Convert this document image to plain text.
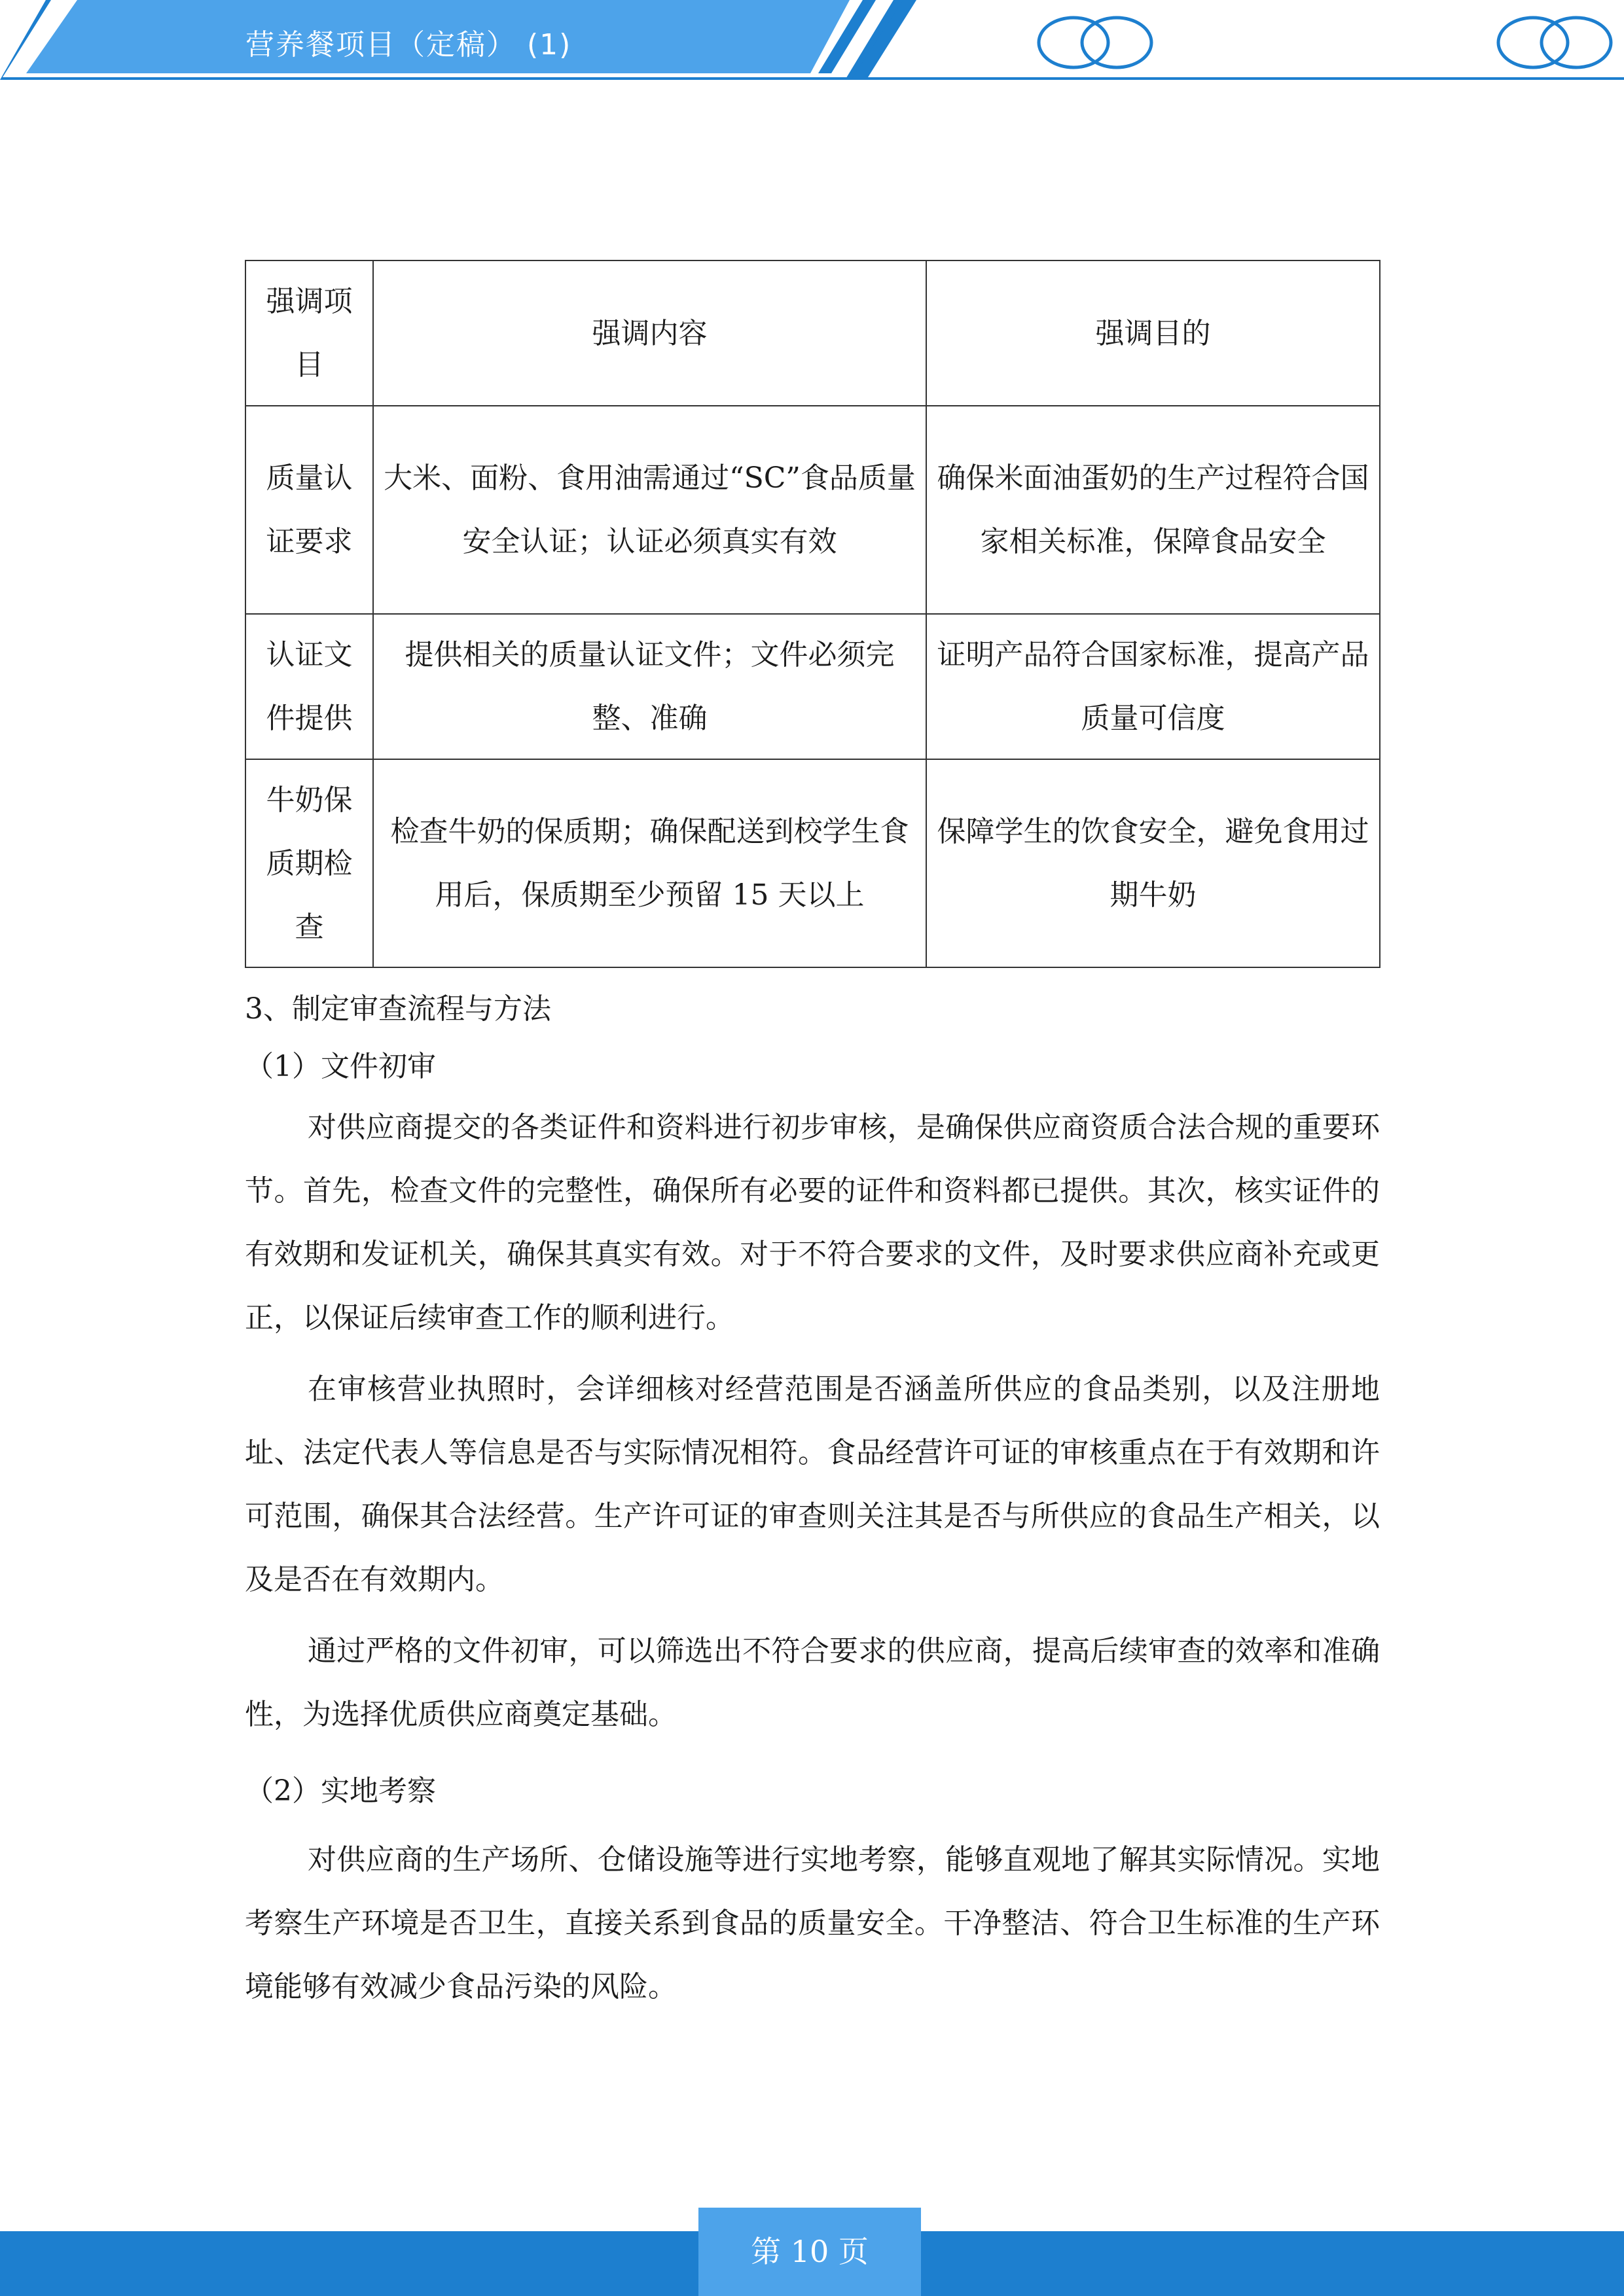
营养餐项目（定稿） (1)
强调项目	强调内容	强调目的
质量认证要求	大米、面粉、食用油需通过“SC”食品质量安全认证；认证必须真实有效	确保米面油蛋奶的生产过程符合国家相关标准，保障食品安全
认证文件提供	提供相关的质量认证文件；文件必须完整、准确	证明产品符合国家标准，提高产品质量可信度
牛奶保质期检查	检查牛奶的保质期；确保配送到校学生食用后，保质期至少预留 15 天以上	保障学生的饮食安全，避免食用过期牛奶

3、制定审查流程与方法

（1）文件初审

对供应商提交的各类证件和资料进行初步审核，是确保供应商资质合法合规的重要环节。首先，检查文件的完整性，确保所有必要的证件和资料都已提供。其次，核实证件的有效期和发证机关，确保其真实有效。对于不符合要求的文件，及时要求供应商补充或更正，以保证后续审查工作的顺利进行。

在审核营业执照时，会详细核对经营范围是否涵盖所供应的食品类别，以及注册地址、法定代表人等信息是否与实际情况相符。食品经营许可证的审核重点在于有效期和许可范围，确保其合法经营。生产许可证的审查则关注其是否与所供应的食品生产相关，以及是否在有效期内。

通过严格的文件初审，可以筛选出不符合要求的供应商，提高后续审查的效率和准确性，为选择优质供应商奠定基础。

（2）实地考察

对供应商的生产场所、仓储设施等进行实地考察，能够直观地了解其实际情况。实地考察生产环境是否卫生，直接关系到食品的质量安全。干净整洁、符合卫生标准的生产环境能够有效减少食品污染的风险。

第 10 页
